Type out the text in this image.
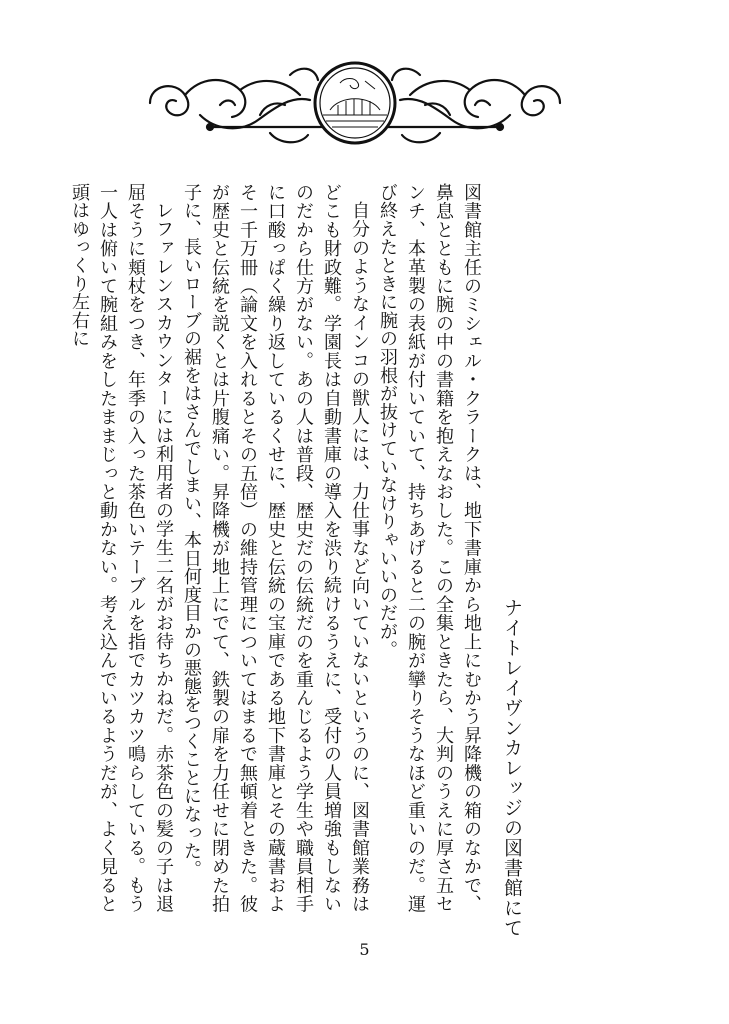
ナイトレイヴンカレッジの図書館にて

図書館主任のミシェル・クラークは、地下書庫から地上にむかう昇降機の箱のなかで、鼻息とともに腕の中の書籍を抱えなおした。この全集ときたら、大判のうえに厚さ五センチ、本革製の表紙が付いていて、持ちあげると二の腕が攣りそうなほど重いのだ。運び終えたときに腕の羽根が抜けていなけりゃいいのだが。

自分のようなインコの獣人には、力仕事など向いていないというのに、図書館業務はどこも財政難。学園長は自動書庫の導入を渋り続けるうえに、受付の人員増強もしないのだから仕方がない。あの人は普段、歴史だの伝統だのを重んじるよう学生や職員相手に口酸っぱく繰り返しているくせに、歴史と伝統の宝庫である地下書庫とその蔵書およそ一千万冊（論文を入れるとその五倍）の維持管理についてはまるで無頓着ときた。彼が歴史と伝統を説くとは片腹痛い。昇降機が地上にでて、鉄製の扉を力任せに閉めた拍子に、長いローブの裾をはさんでしまい、本日何度目かの悪態をつくことになった。

レファレンスカウンターには利用者の学生二名がお待ちかねだ。赤茶色の髪の子は退屈そうに頬杖をつき、年季の入った茶色いテーブルを指でカツカツ鳴らしている。もう一人は俯いて腕組みをしたままじっと動かない。考え込んでいるようだが、よく見ると頭はゆっくり左右に

5
